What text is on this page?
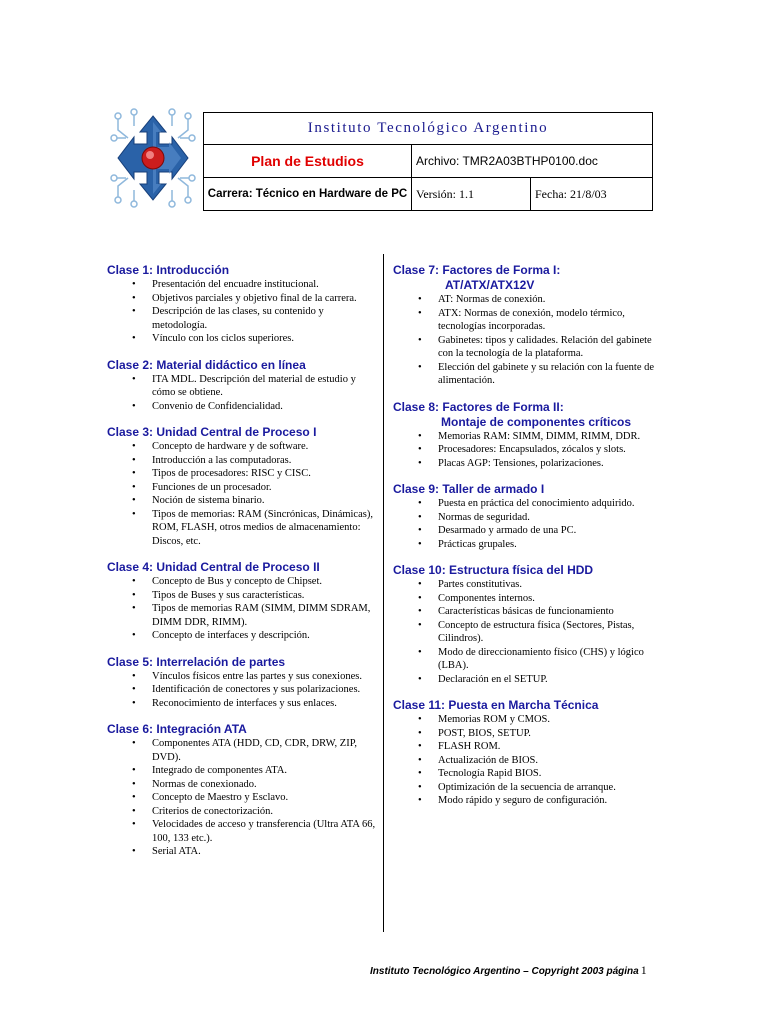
Instituto Tecnológico Argentino		
Plan de Estudios	Archivo: TMR2A03BTHP0100.doc	
Carrera: Técnico en Hardware de PC	Versión: 1.1	Fecha: 21/8/03
Clase 1: Introducción
• Presentación del encuadre institucional.
• Objetivos parciales y objetivo final de la carrera.
• Descripción de las clases, su contenido y metodología.
• Vínculo con los ciclos superiores.
Clase 2: Material didáctico en línea
• ITA MDL. Descripción del material de estudio y cómo se obtiene.
• Convenio de Confidencialidad.
Clase 3: Unidad Central de Proceso I
• Concepto de hardware y de software.
• Introducción a las computadoras.
• Tipos de procesadores: RISC y CISC.
• Funciones de un procesador.
• Noción de sistema binario.
• Tipos de memorias: RAM (Sincrónicas, Dinámicas), ROM, FLASH, otros medios de almacenamiento: Discos, etc.
Clase 4: Unidad Central de Proceso II
• Concepto de Bus y concepto de Chipset.
• Tipos de Buses y sus características.
• Tipos de memorias RAM (SIMM, DIMM SDRAM, DIMM DDR, RIMM).
• Concepto de interfaces y descripción.
Clase 5: Interrelación de partes
• Vínculos físicos entre las partes y sus conexiones.
• Identificación de conectores y sus polarizaciones.
• Reconocimiento de interfaces y sus enlaces.
Clase 6: Integración ATA
• Componentes ATA (HDD, CD, CDR, DRW, ZIP, DVD).
• Integrado de componentes ATA.
• Normas de conexionado.
• Concepto de Maestro y Esclavo.
• Criterios de conectorización.
• Velocidades de acceso y transferencia (Ultra ATA 66, 100, 133 etc.).
• Serial ATA.
Clase 7: Factores de Forma I:
AT/ATX/ATX12V
• AT: Normas de conexión.
• ATX: Normas de conexión, modelo térmico, tecnologías incorporadas.
• Gabinetes: tipos y calidades. Relación del gabinete con la tecnología de la plataforma.
• Elección del gabinete y su relación con la fuente de alimentación.
Clase 8: Factores de Forma II:
Montaje de componentes críticos
• Memorias RAM: SIMM, DIMM, RIMM, DDR.
• Procesadores: Encapsulados, zócalos y slots.
• Placas AGP: Tensiones, polarizaciones.
Clase 9: Taller de armado I
• Puesta en práctica del conocimiento adquirido.
• Normas de seguridad.
• Desarmado y armado de una PC.
• Prácticas grupales.
Clase 10: Estructura física del HDD
• Partes constitutivas.
• Componentes internos.
• Características básicas de funcionamiento
• Concepto de estructura física (Sectores, Pistas, Cilindros).
• Modo de direccionamiento físico (CHS) y lógico (LBA).
• Declaración en el SETUP.
Clase 11: Puesta en Marcha Técnica
• Memorias ROM y CMOS.
• POST, BIOS, SETUP.
• FLASH ROM.
• Actualización de BIOS.
• Tecnología Rapid BIOS.
• Optimización de la secuencia de arranque.
• Modo rápido y seguro de configuración.
Instituto Tecnológico Argentino – Copyright 2003 página 1
